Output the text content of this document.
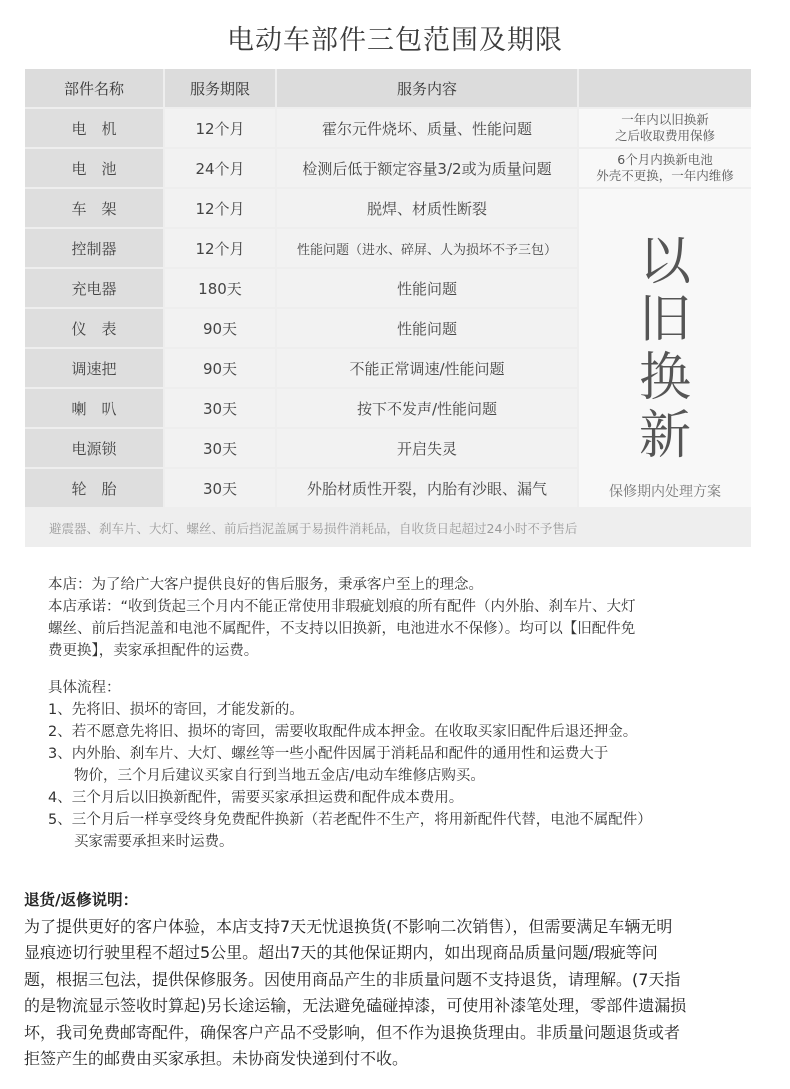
电动车部件三包范围及期限
部件名称	服务期限	服务内容
电　机	12个月	霍尔元件烧坏、质量、性能问题	一年内以旧换新
之后收取费用保修
电　池	24个月	检测后低于额定容量3/2或为质量问题	6个月内换新电池
外壳不更换，一年内维修
车　架	12个月	脱焊、材质性断裂
控制器	12个月	性能问题（进水、碎屏、人为损坏不予三包）
充电器	180天	性能问题
仪　表	90天	性能问题
调速把	90天	不能正常调速/性能问题
喇　叭	30天	按下不发声/性能问题
电源锁	30天	开启失灵
轮　胎	30天	外胎材质性开裂，内胎有沙眼、漏气
以
旧
换
新
保修期内处理方案
避震器、刹车片、大灯、螺丝、前后挡泥盖属于易损件消耗品，自收货日起超过24小时不予售后

本店：为了给广大客户提供良好的售后服务，秉承客户至上的理念。

本店承诺：“收到货起三个月内不能正常使用非瑕疵划痕的所有配件（内外胎、刹车片、大灯

螺丝、前后挡泥盖和电池不属配件，不支持以旧换新，电池进水不保修）。均可以【旧配件免

费更换】，卖家承担配件的运费。

具体流程：

1、先将旧、损坏的寄回，才能发新的。

2、若不愿意先将旧、损坏的寄回，需要收取配件成本押金。在收取买家旧配件后退还押金。

3、内外胎、刹车片、大灯、螺丝等一些小配件因属于消耗品和配件的通用性和运费大于

物价，三个月后建议买家自行到当地五金店/电动车维修店购买。

4、三个月后以旧换新配件，需要买家承担运费和配件成本费用。

5、三个月后一样享受终身免费配件换新（若老配件不生产，将用新配件代替，电池不属配件）

买家需要承担来时运费。

退货/返修说明：

为了提供更好的客户体验，本店支持7天无忧退换货(不影响二次销售），但需要满足车辆无明

显痕迹切行驶里程不超过5公里。超出7天的其他保证期内，如出现商品质量问题/瑕疵等问

题，根据三包法，提供保修服务。因使用商品产生的非质量问题不支持退货，请理解。(7天指

的是物流显示签收时算起)另长途运输，无法避免磕碰掉漆，可使用补漆笔处理，零部件遗漏损

坏，我司免费邮寄配件，确保客户产品不受影响，但不作为退换货理由。非质量问题退货或者

拒签产生的邮费由买家承担。未协商发快递到付不收。
